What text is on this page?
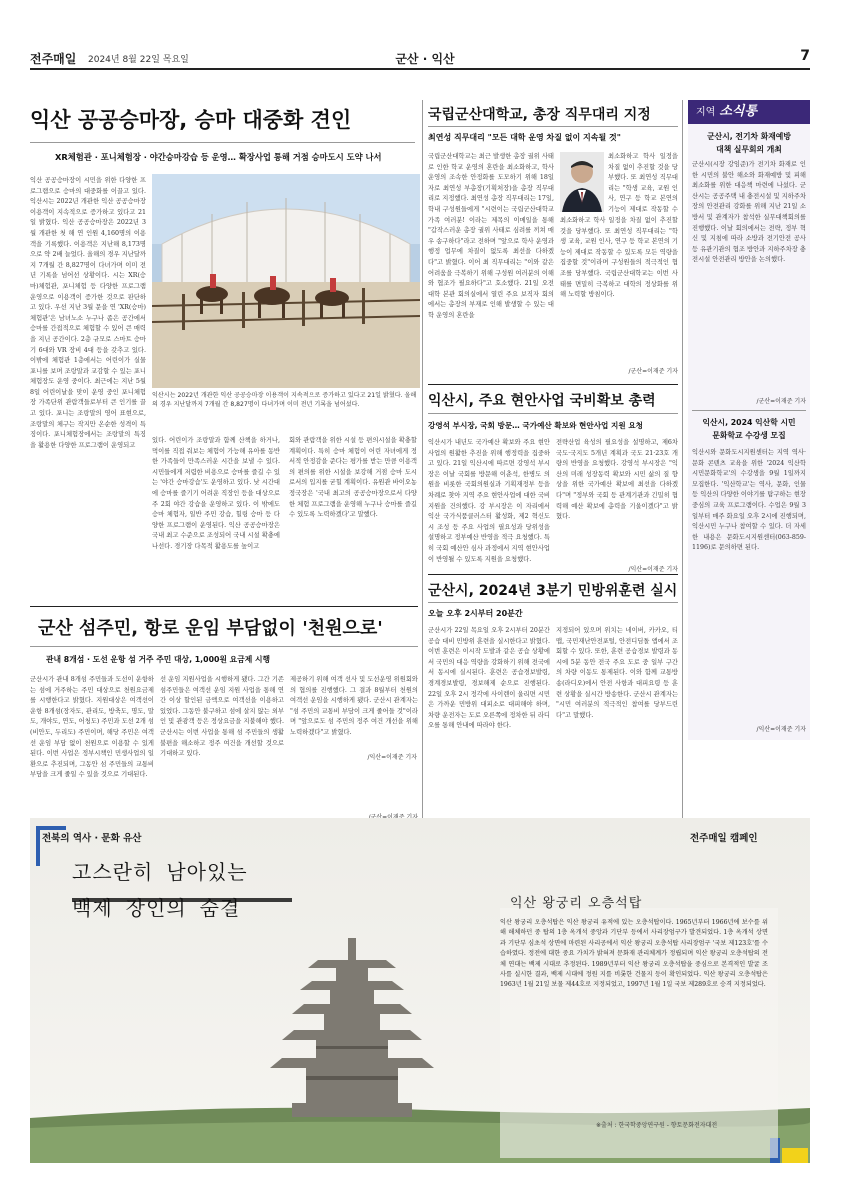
전주매일 2024년 8월 22일 목요일	군산 · 익산	7
익산 공공승마장, 승마 대중화 견인
XR체험관 · 포니체험장 · 야간승마강습 등 운영… 확장사업 통해 거점 승마도시 도약 나서
익산 공공승마장이 시민을 위한 다양한 프로그램으로 승마의 대중화를 이끌고 있다. 익산시는 2022년 개관한 익산 공공승마장 이용객이 지속적으로 증가하고 있다고 21일 밝혔다. 익산 공공승마장은 2022년 3월 개관한 첫 해 연 인원 4,160명의 이용객을 기록했다. 이용객은 지난해 8,173명으로 약 2배 늘었다. 올해의 경우 지난달까지 7개월 간 8,827명이 다녀가며 이미 전년 기록을 넘어선 상황이다. 시는 XR(승마)체험관, 포니체험 등 다양한 프로그램 운영으로 이용객이 증가한 것으로 판단하고 있다. 우선 지난 3월 문을 연 'XR(승마)체험관'은 남녀노소 누구나 좁은 공간에서 승마를 간접적으로 체험할 수 있어 큰 매력을 지닌 공간이다. 2층 규모로 스마트 승마기 6대와 VR 장비 4대 등을 갖추고 있다. 이밖에 체험관 1층에서는 어린이가 실물 포니를 보며 조랑말과 교감할 수 있는 포니체험장도 운영 중이다. 최근에는 지난 5월 8일 어린이날을 맞이 운영 중인 포니체험장 가족단위 관람객들로부터 큰 인기를 끌고 있다. 포니는 조랑말의 영어 표현으로, 조랑말의 체구는 작지만 온순한 성격이 특징이다. 포니체험장에서는 조랑말의 특징을 활용한 다양한 프로그램이 운영되고
익산시는 2022년 개관한 익산 공공승마장 이용객이 지속적으로 증가하고 있다고 21일 밝혔다. 올해의 경우 지난달까지 7개월 간 8,827명이 다녀가며 이미 전년 기록을 넘어섰다.
있다. 어린이가 조랑말과 함께 산책을 하거나, 먹이를 직접 줘보는 체험이 가능해 유아를 동반한 가족들이 만족스러운 시간을 보낼 수 있다. 시민들에게 저렴한 비용으로 승마를 즐길 수 있는 '야간 승마강습'도 운영하고 있다. 낮 시간대에 승마를 즐기기 어려운 직장인 등을 대상으로 주 2회 야간 강습을 운영하고 있다. 이 밖에도 승마 체험자, 일반 주민 강습, 힐링 승마 등 다양한 프로그램이 운영된다. 익산 공공승마장은 국내 최고 수준으로 조성되어 국내 시설 확충에 나선다. 경기장 다목적 활용도를 높이고
회와 관람객을 위한 시설 등 편의시설을 확충할 계획이다. 특히 승마 체험이 어린 자녀에게 정서적 안정감을 준다는 평가를 받는 만큼 이용객의 편의를 위한 시설을 보강해 거점 승마 도시로서의 입지를 굳힐 계획이다. 유원관 바이오농정국장은 '국내 최고의 공공승마장으로서 다양한 체험 프로그램을 운영해 누구나 승마를 즐길 수 있도록 노력하겠다'고 말했다.
/익산=이재준 기자
국립군산대학교, 총장 직무대리 지정
최연성 직무대리 "모든 대학 운영 차질 없이 지속될 것"
국립군산대학교는 최근 발생한 총장 궐위 사태로 인한 학교 운영의 혼란을 최소화하고, 학사 운영의 조속한 안정화를 도모하기 위해 18일자로 최연성 부총장(기획처장)을 총장 직무대리로 지정했다. 최연성 총장 직무대리는 17일, 학내 구성원들에게 "시련이는 국립군산대학교 가족 여러분! 이라는 제목의 이메일을 통해 "갑작스러운 총장 궐위 사태로 심려를 끼쳐 매우 송구하다"라고 전하며 "앞으로 학사 운영과 행정 업무에 차질이 없도록 최선을 다하겠다"고 밝혔다. 이어 최 직무대리는 "이와 같은 어려움을 극복하기 위해 구성원 여러분의 이해와 협조가 필요하다"고 호소했다. 21일 오전 대학 본관 회의실에서 열린 주요 보직자 회의에서는 총장의 부재로 인해 발생할 수 있는 대학 운영의 혼란을
최소화하고 학사 일정을 차질 없이 추진할 것을 당부했다. 또 최연성 직무대리는 "학생 교육, 교원 인사, 연구 등 학교 본연의 기능이 제대로 작동할 수
최소화하고 학사 일정을 차질 없이 추진할 것을 당부했다. 또 최연성 직무대리는 "학생 교육, 교원 인사, 연구 등 학교 본연의 기능이 제대로 작동할 수 있도록 모든 역량을 집중할 것"이라며 구성원들의 적극적인 협조를 당부했다. 국립군산대학교는 이번 사태를 면밀히 극복하고 대학의 정상화를 위해 노력할 방침이다.
/군산=이재준 기자
익산시, 주요 현안사업 국비확보 총력
강영석 부시장, 국회 방문… 국가예산 확보와 현안사업 지원 요청
익산시가 내년도 국가예산 확보와 주요 현안사업의 원활한 추진을 위해 행정력을 집중하고 있다. 21일 익산시에 따르면 강영석 부시장은 이날 국회를 방문해 이춘석, 한병도 의원을 비롯한 국회의원실과 기획재정부 등을 차례로 찾아 지역 주요 현안사업에 대한 국비 지원을 건의했다. 강 부시장은 이 자리에서 익산 국가식품클러스터 활성화, 제2 혁신도시 조성 등 주요 사업의 필요성과 당위성을 설명하고 정부예산 반영을 적극 요청했다. 특히 국회 예산안 심사 과정에서 지역 현안사업이 반영될 수 있도록 지원을 요청했다.
전략산업 육성의 필요성을 설명하고, 제6차 국도·국지도 5개년 계획과 국도 21·23호 개량의 반영을 요청했다. 강영석 부시장은 "익산의 미래 성장동력 확보와 시민 삶의 질 향상을 위한 국가예산 확보에 최선을 다하겠다"며 "정부와 국회 등 관계기관과 긴밀히 협력해 예산 확보에 총력을 기울이겠다"고 밝혔다.
/익산=이재준 기자
군산시, 2024년 3분기 민방위훈련 실시
오늘 오후 2시부터 20분간
군산시가 22일 목요일 오후 2시부터 20분간 공습 대비 민방위 훈련을 실시한다고 밝혔다. 이번 훈련은 이시작 도발과 같은 공습 상황에서 국민의 대응 역량을 강화하기 위해 전국에서 동시에 실시된다. 훈련은 공습경보발령, 경계경보발령, 경보해제 순으로 진행된다. 22일 오후 2시 정각에 사이렌이 울리면 시민은 가까운 민방위 대피소로 대피해야 하며, 차량 운전자는 도로 오른쪽에 정차한 뒤 라디오를 통해 안내에 따라야 한다.
지정되어 있으며 위치는 네이버, 카카오, 티맵, 국민재난안전포털, 안전디딤돌 앱에서 조회할 수 있다. 또한, 훈련 공습경보 발령과 동시에 5분 동안 전국 주요 도로 중 일부 구간의 차량 이동도 통제된다. 이와 함께 교통방송(라디오)에서 안전 사항과 대피요령 등 훈련 상황을 실시간 방송한다. 군산시 관계자는 "시민 여러분의 적극적인 참여를 당부드린다"고 말했다.
군산 섬주민, 항로 운임 부담없이 '천원으로'
관내 8개섬 · 도선 운항 섬 거주 주민 대상, 1,000원 요금제 시행
군산시가 관내 8개섬 주민들과 도선이 운항하는 섬에 거주하는 주민 대상으로 천원요금제를 시행한다고 밝혔다. 지원대상은 여객선이 운항 8개섬(장자도, 관리도, 방축도, 명도, 말도, 개야도, 연도, 어청도) 주민과 도선 2개 섬(비안도, 두리도) 주민이며, 해당 주민은 여객선 운임 부담 없이 천원으로 이용할 수 있게 된다. 이번 사업은 정부시책인 민생사업의 일환으로 추진되며, 그동안 섬 주민들의 교통비 부담을 크게 줄일 수 있을 것으로 기대된다.
선 운임 지원사업을 시행하게 됐다. 그간 기존 섬주민들은 여객선 운임 지원 사업을 통해 연간 이상 할인된 금액으로 여객선을 이용하고 있었다. 그동안 불구하고 섬에 살지 않는 외부인 및 관광객 등은 정상요금을 지불해야 했다. 군산시는 이번 사업을 통해 섬 주민들의 생활 불편을 해소하고 정주 여건을 개선할 것으로 기대하고 있다.
제공하기 위해 여객 선사 및 도선운영 위원회와의 협의를 진행했다. 그 결과 8월부터 천원의 여객선 운임을 시행하게 됐다. 군산시 관계자는 "섬 주민의 교통비 부담이 크게 줄어들 것"이라며 "앞으로도 섬 주민의 정주 여건 개선을 위해 노력하겠다"고 밝혔다.
지역 소식통
군산시, 전기차 화재예방
대책 실무회의 개최
군산시(시장 강임준)가 전기차 화재로 인한 시민의 불안 해소와 화재예방 및 피해 최소화를 위한 대응책 마련에 나섰다. 군산시는 공공주택 내 충전시설 및 지하주차장의 안전관리 강화를 위해 지난 21일 소방서 및 관계자가 참석한 실무대책회의를 진행했다. 이날 회의에서는 전략, 정부 혁신 및 지침에 따라 소방과 전기안전 공사 등 유관기관의 협조 방안과 지하주차장 충전시설 안전관리 방안을 논의했다.
/군산=이재준 기자
익산시, 2024 익산학 시민
문화학교 수강생 모집
익산시와 문화도시지원센터는 지역 역사·문화 콘텐츠 교육을 위한 '2024 익산학 시민문화학교'의 수강생을 9월 1일까지 모집한다. '익산학교'는 역사, 문화, 인물 등 익산의 다양한 이야기를 탐구하는 현장 중심의 교육 프로그램이다. 수업은 9월 3일부터 매주 화요일 오후 2시에 진행되며, 익산시민 누구나 참여할 수 있다. 더 자세한 내용은 문화도시지원센터(063-859-1196)로 문의하면 된다.
/익산=이재준 기자
전북의 역사 · 문화 유산	전주매일 캠페인
고스란히 남아있는
백제 장인의 숨결	익산 왕궁리 오층석탑
익산 왕궁리 오층석탑은 익산 왕궁리 유적에 있는 오층석탑이다. 1965년부터 1966년에 보수를 위해 해체하던 중 탑의 1층 옥개석 중앙과 기단부 등에서 사리장엄구가 발견되었다. 1층 옥개석 상면과 기단부 심초석 상면에 마련된 사리공에서 익산 왕궁리 오층석탑 사리장엄구 '국보 제123호'를 수습하였다. 정전에 대한 중요 가치가 밝혀져 문화재 관리체계가 정립되며 익산 왕궁리 오층석탑의 전체 연대는 백제 시대로 추정된다. 1989년부터 익산 왕궁리 오층석탑을 중심으로 본격적인 발굴 조사를 실시한 결과, 백제 시대에 정원 지를 비롯한 건물지 등이 확인되었다. 익산 왕궁리 오층석탑은 1963년 1월 21일 보물 제44호로 지정되었고, 1997년 1월 1일 국보 제289호로 승격 지정되었다.
※출처 : 한국학중앙연구원 - 향토문화전자대전
